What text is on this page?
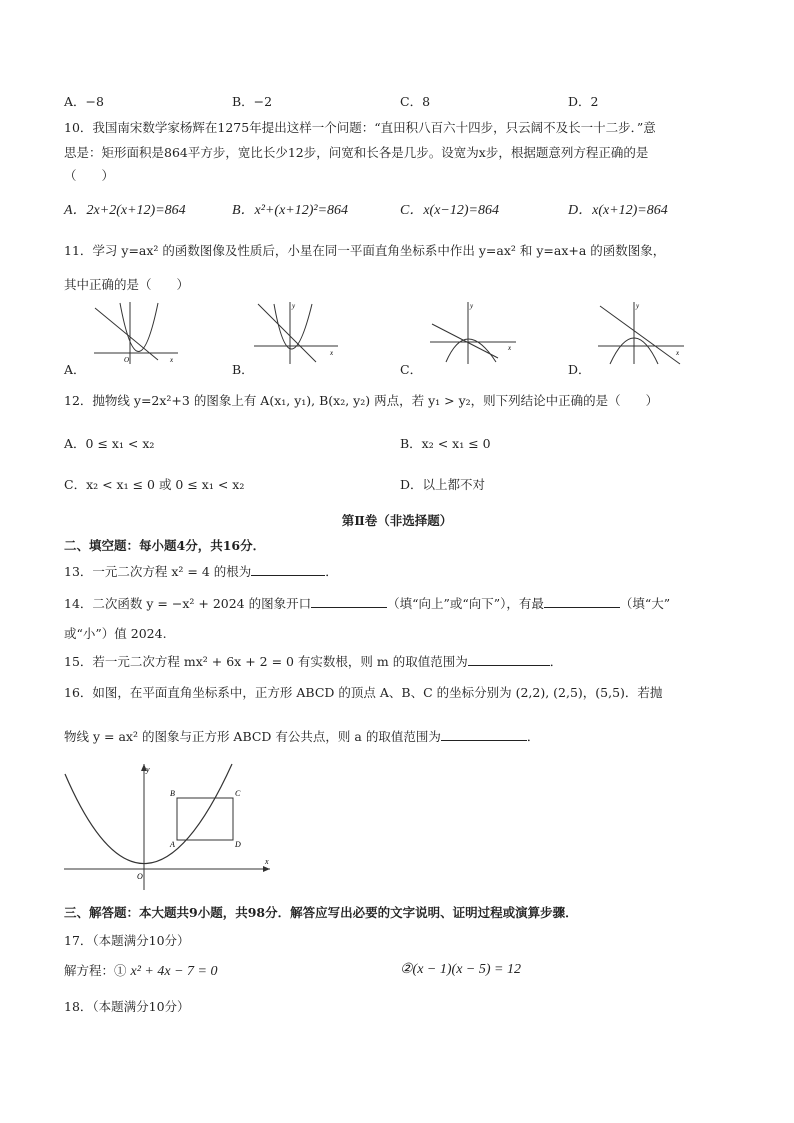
A．−8	B．−2	C．8	D．2
10．我国南宋数学家杨辉在1275年提出这样一个问题：“直田积八百六十四步，只云阔不及长一十二步．”意
思是：矩形面积是864平方步，宽比长少12步，问宽和长各是几步。设宽为x步，根据题意列方程正确的是
（　　）
A．2x+2(x+12)=864	B．x²+(x+12)²=864	C．x(x−12)=864	D．x(x+12)=864
11．学习 y=ax² 的函数图像及性质后，小星在同一平面直角坐标系中作出 y=ax² 和 y=ax+a 的函数图象，
其中正确的是（　　）
A．
x
O
B．
x
y
C．
x
y
D．
x
y
12．抛物线 y=2x²+3 的图象上有 A(x₁, y₁), B(x₂, y₂) 两点，若 y₁ > y₂，则下列结论中正确的是（　　）
A．0 ≤ x₁ < x₂	B．x₂ < x₁ ≤ 0
C．x₂ < x₁ ≤ 0 或 0 ≤ x₁ < x₂	D．以上都不对
第Ⅱ卷（非选择题）
二、填空题：每小题4分，共16分．
13．一元二次方程 x² = 4 的根为	．
14．二次函数 y = −x² + 2024 的图象开口	（填“向上”或“向下”），有最	（填“大”
或“小”）值 2024.
15．若一元二次方程 mx² + 6x + 2 = 0 有实数根，则 m 的取值范围为	．
16．如图，在平面直角坐标系中，正方形 ABCD 的顶点 A、B、C 的坐标分别为 (2,2), (2,5)，(5,5)．若抛
物线 y = ax² 的图象与正方形 ABCD 有公共点，则 a 的取值范围为	．
x
y
O
A
B	C
D
三、解答题：本大题共9小题，共98分．解答应写出必要的文字说明、证明过程或演算步骤．
17．（本题满分10分）
解方程：① x² + 4x − 7 = 0	②(x − 1)(x − 5) = 12
18．（本题满分10分）
